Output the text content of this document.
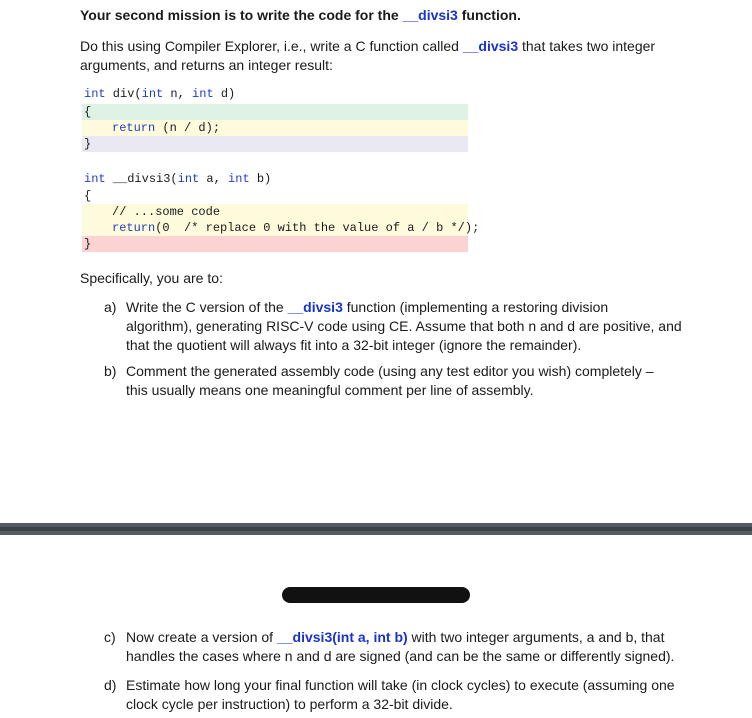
Your second mission is to write the code for the __divsi3 function.
Do this using Compiler Explorer, i.e., write a C function called __divsi3 that takes two integer
arguments, and returns an integer result:
int div(int n, int d)
{
return (n / d);
}
int __divsi3(int a, int b)
{
// ...some code
return(0  /* replace 0 with the value of a / b */);
}
Specifically, you are to:
a) Write the C version of the __divsi3 function (implementing a restoring division
algorithm), generating RISC-V code using CE. Assume that both n and d are positive, and
that the quotient will always fit into a 32-bit integer (ignore the remainder).
b) Comment the generated assembly code (using any test editor you wish) completely –
this usually means one meaningful comment per line of assembly.
c) Now create a version of __divsi3(int a, int b) with two integer arguments, a and b, that
handles the cases where n and d are signed (and can be the same or differently signed).
d) Estimate how long your final function will take (in clock cycles) to execute (assuming one
clock cycle per instruction) to perform a 32-bit divide.
